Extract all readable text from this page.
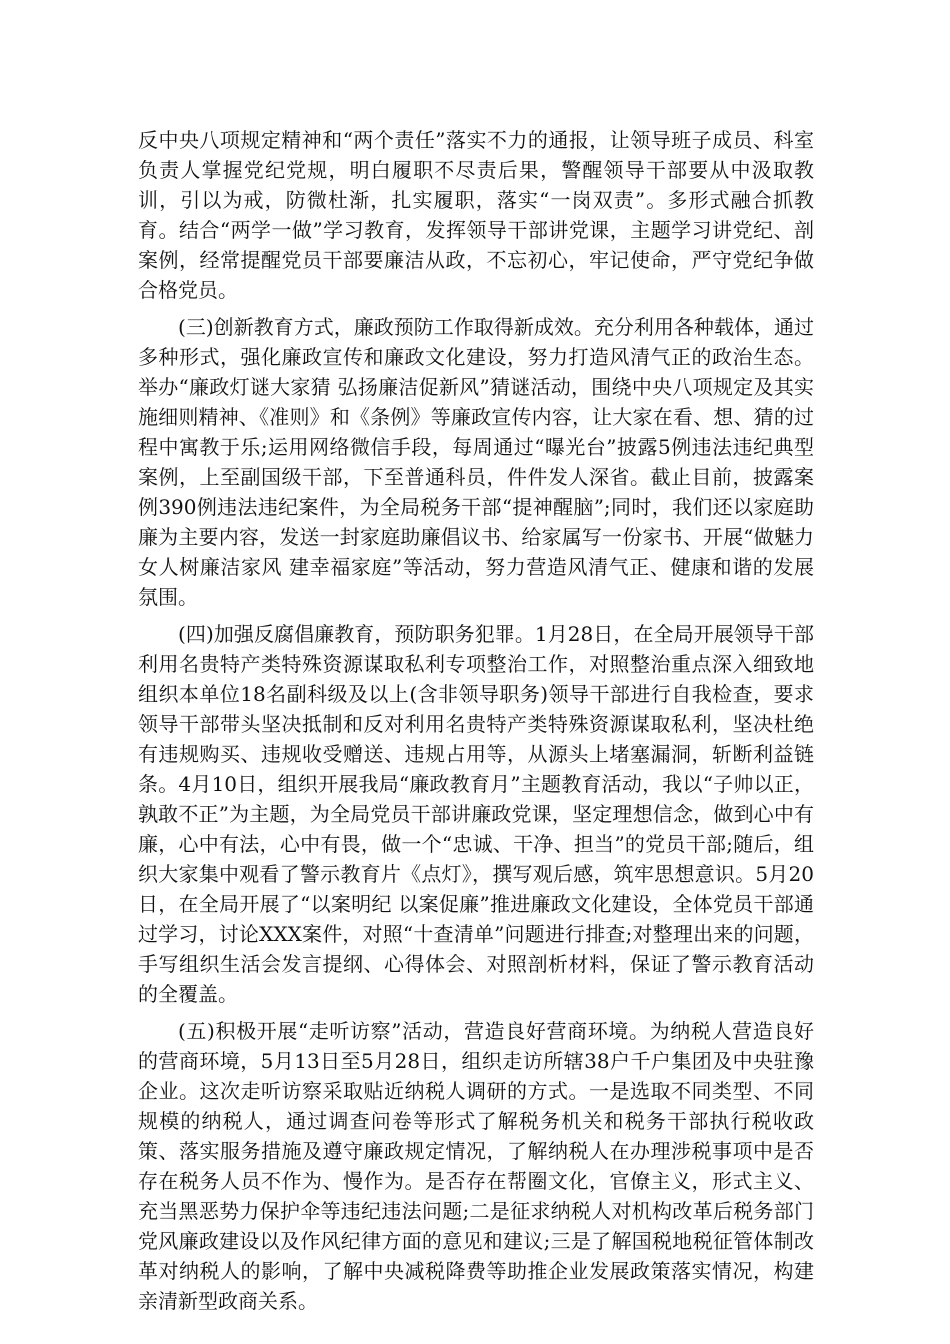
反中央八项规定精神和“两个责任”落实不力的通报，让领导班子成员、科室负责人掌握党纪党规，明白履职不尽责后果，警醒领导干部要从中汲取教训，引以为戒，防微杜渐，扎实履职，落实“一岗双责”。多形式融合抓教育。结合“两学一做”学习教育，发挥领导干部讲党课，主题学习讲党纪、剖案例，经常提醒党员干部要廉洁从政，不忘初心，牢记使命，严守党纪争做合格党员。

(三)创新教育方式，廉政预防工作取得新成效。充分利用各种载体，通过多种形式，强化廉政宣传和廉政文化建设，努力打造风清气正的政治生态。举办“廉政灯谜大家猜 弘扬廉洁促新风”猜谜活动，围绕中央八项规定及其实施细则精神、《准则》和《条例》等廉政宣传内容，让大家在看、想、猜的过程中寓教于乐;运用网络微信手段，每周通过“曝光台”披露5例违法违纪典型案例，上至副国级干部，下至普通科员，件件发人深省。截止目前，披露案例390例违法违纪案件，为全局税务干部“提神醒脑”;同时，我们还以家庭助廉为主要内容，发送一封家庭助廉倡议书、给家属写一份家书、开展“做魅力女人树廉洁家风 建幸福家庭”等活动，努力营造风清气正、健康和谐的发展氛围。

(四)加强反腐倡廉教育，预防职务犯罪。1月28日，在全局开展领导干部利用名贵特产类特殊资源谋取私利专项整治工作，对照整治重点深入细致地组织本单位18名副科级及以上(含非领导职务)领导干部进行自我检查，要求领导干部带头坚决抵制和反对利用名贵特产类特殊资源谋取私利，坚决杜绝有违规购买、违规收受赠送、违规占用等，从源头上堵塞漏洞，斩断利益链条。4月10日，组织开展我局“廉政教育月”主题教育活动，我以“子帅以正，孰敢不正”为主题，为全局党员干部讲廉政党课，坚定理想信念，做到心中有廉，心中有法，心中有畏，做一个“忠诚、干净、担当”的党员干部;随后，组织大家集中观看了警示教育片《点灯》，撰写观后感，筑牢思想意识。5月20日，在全局开展了“以案明纪 以案促廉”推进廉政文化建设，全体党员干部通过学习，讨论XXX案件，对照“十查清单”问题进行排查;对整理出来的问题，手写组织生活会发言提纲、心得体会、对照剖析材料，保证了警示教育活动的全覆盖。

(五)积极开展“走听访察”活动，营造良好营商环境。为纳税人营造良好的营商环境，5月13日至5月28日，组织走访所辖38户千户集团及中央驻豫企业。这次走听访察采取贴近纳税人调研的方式。一是选取不同类型、不同规模的纳税人，通过调查问卷等形式了解税务机关和税务干部执行税收政策、落实服务措施及遵守廉政规定情况，了解纳税人在办理涉税事项中是否存在税务人员不作为、慢作为。是否存在帮圈文化，官僚主义，形式主义、充当黑恶势力保护伞等违纪违法问题;二是征求纳税人对机构改革后税务部门党风廉政建设以及作风纪律方面的意见和建议;三是了解国税地税征管体制改革对纳税人的影响，了解中央减税降费等助推企业发展政策落实情况，构建亲清新型政商关系。
